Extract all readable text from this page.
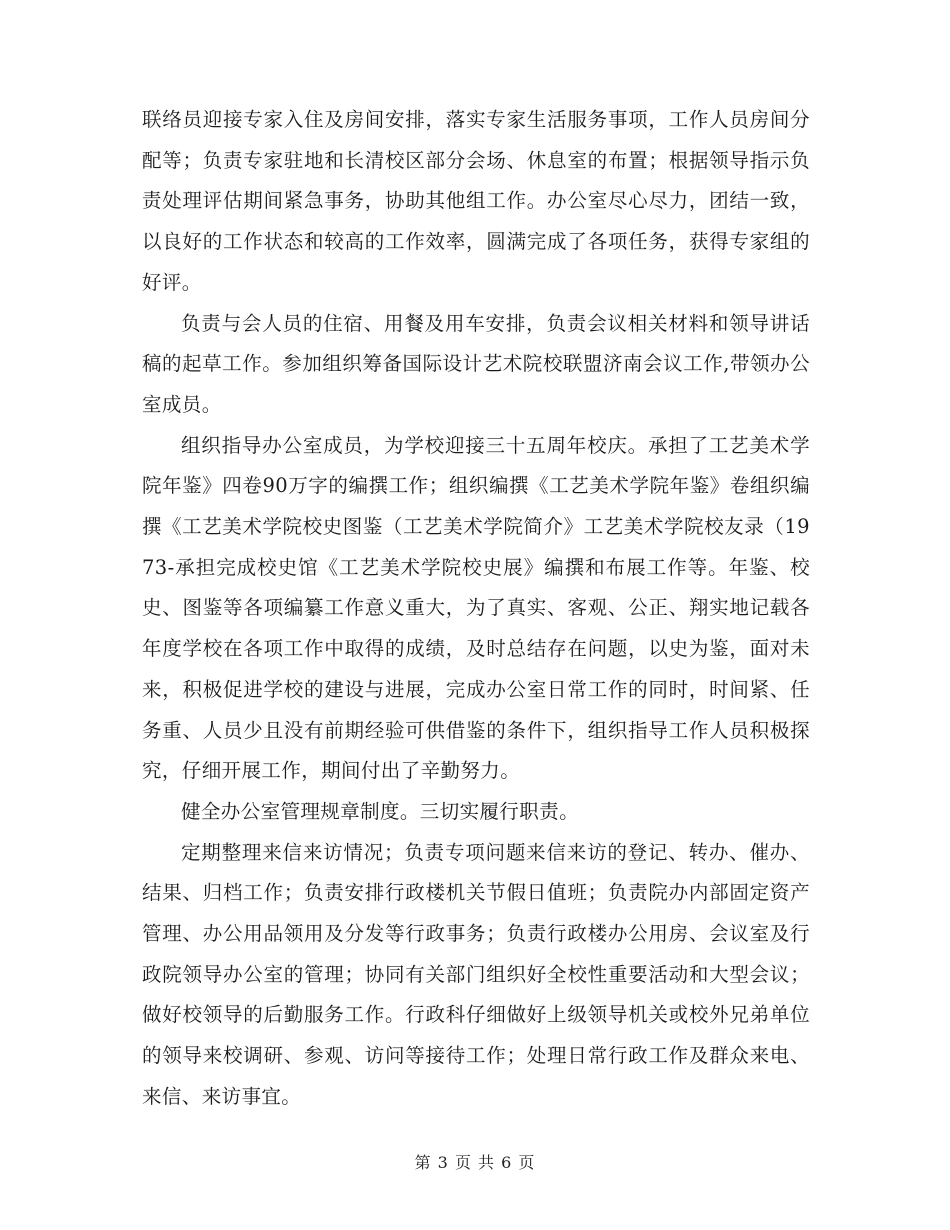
联络员迎接专家入住及房间安排，落实专家生活服务事项，工作人员房间分配等；负责专家驻地和长清校区部分会场、休息室的布置；根据领导指示负责处理评估期间紧急事务，协助其他组工作。办公室尽心尽力，团结一致，以良好的工作状态和较高的工作效率，圆满完成了各项任务，获得专家组的好评。

负责与会人员的住宿、用餐及用车安排，负责会议相关材料和领导讲话稿的起草工作。参加组织筹备国际设计艺术院校联盟济南会议工作,带领办公室成员。

组织指导办公室成员，为学校迎接三十五周年校庆。承担了工艺美术学院年鉴》四卷90万字的编撰工作；组织编撰《工艺美术学院年鉴》卷组织编撰《工艺美术学院校史图鉴（工艺美术学院简介》工艺美术学院校友录（1973-承担完成校史馆《工艺美术学院校史展》编撰和布展工作等。年鉴、校史、图鉴等各项编纂工作意义重大，为了真实、客观、公正、翔实地记载各年度学校在各项工作中取得的成绩，及时总结存在问题，以史为鉴，面对未来，积极促进学校的建设与进展，完成办公室日常工作的同时，时间紧、任务重、人员少且没有前期经验可供借鉴的条件下，组织指导工作人员积极探究，仔细开展工作，期间付出了辛勤努力。

健全办公室管理规章制度。三切实履行职责。

定期整理来信来访情况；负责专项问题来信来访的登记、转办、催办、结果、归档工作；负责安排行政楼机关节假日值班；负责院办内部固定资产管理、办公用品领用及分发等行政事务；负责行政楼办公用房、会议室及行政院领导办公室的管理；协同有关部门组织好全校性重要活动和大型会议；做好校领导的后勤服务工作。行政科仔细做好上级领导机关或校外兄弟单位的领导来校调研、参观、访问等接待工作；处理日常行政工作及群众来电、来信、来访事宜。

第 3 页 共 6 页
